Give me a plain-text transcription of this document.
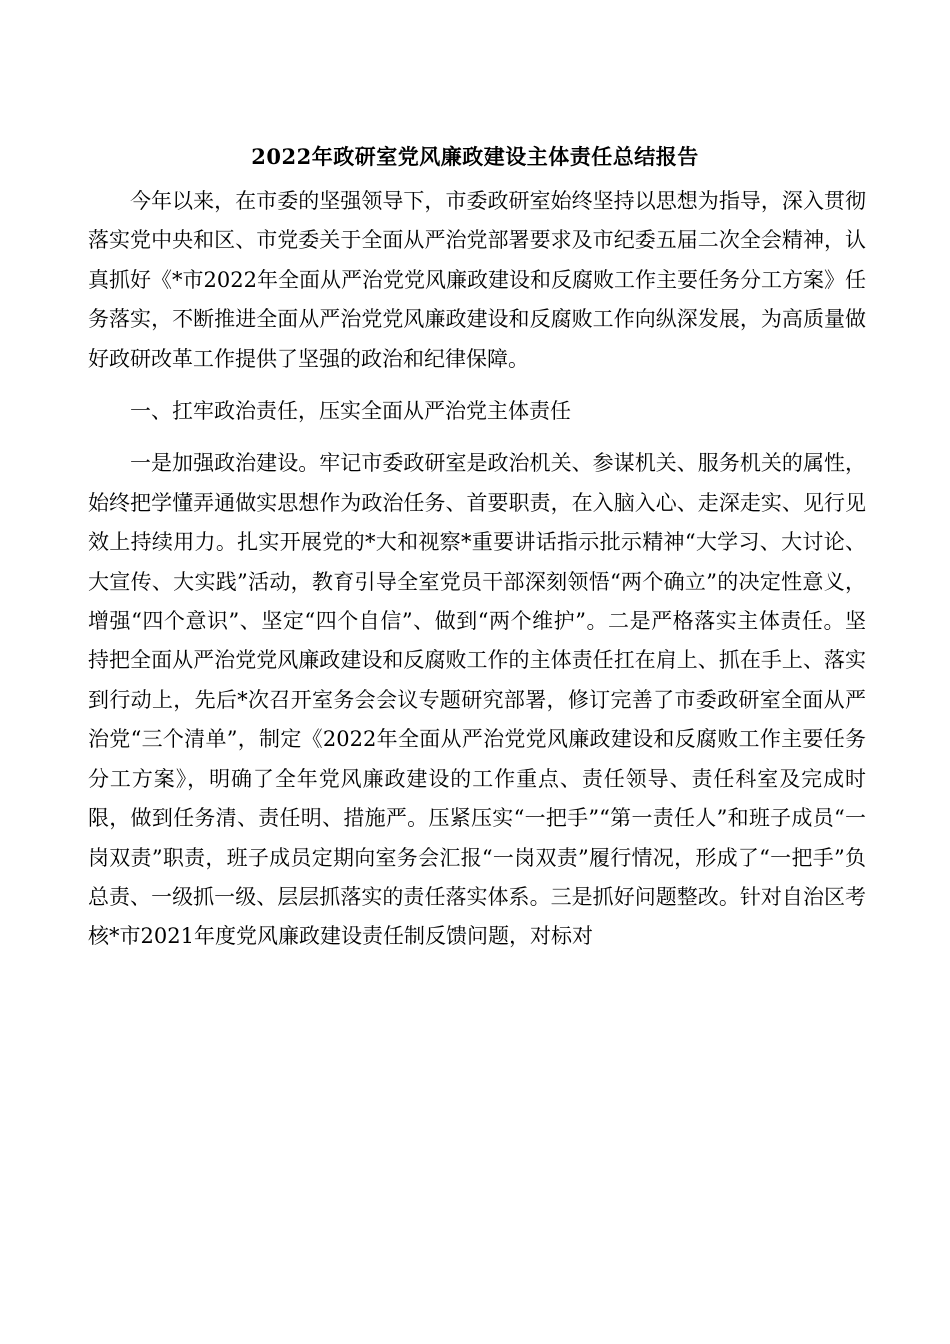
2022年政研室党风廉政建设主体责任总结报告

今年以来，在市委的坚强领导下，市委政研室始终坚持以思想为指导，深入贯彻落实党中央和区、市党委关于全面从严治党部署要求及市纪委五届二次全会精神，认真抓好《*市2022年全面从严治党党风廉政建设和反腐败工作主要任务分工方案》任务落实，不断推进全面从严治党党风廉政建设和反腐败工作向纵深发展，为高质量做好政研改革工作提供了坚强的政治和纪律保障。

一、扛牢政治责任，压实全面从严治党主体责任

一是加强政治建设。牢记市委政研室是政治机关、参谋机关、服务机关的属性，始终把学懂弄通做实思想作为政治任务、首要职责，在入脑入心、走深走实、见行见效上持续用力。扎实开展党的*大和视察*重要讲话指示批示精神“大学习、大讨论、大宣传、大实践”活动，教育引导全室党员干部深刻领悟“两个确立”的决定性意义，增强“四个意识”、坚定“四个自信”、做到“两个维护”。二是严格落实主体责任。坚持把全面从严治党党风廉政建设和反腐败工作的主体责任扛在肩上、抓在手上、落实到行动上，先后*次召开室务会会议专题研究部署，修订完善了市委政研室全面从严治党“三个清单”，制定《2022年全面从严治党党风廉政建设和反腐败工作主要任务分工方案》，明确了全年党风廉政建设的工作重点、责任领导、责任科室及完成时限，做到任务清、责任明、措施严。压紧压实“一把手”“第一责任人”和班子成员“一岗双责”职责，班子成员定期向室务会汇报“一岗双责”履行情况，形成了“一把手”负总责、一级抓一级、层层抓落实的责任落实体系。三是抓好问题整改。针对自治区考核*市2021年度党风廉政建设责任制反馈问题，对标对
